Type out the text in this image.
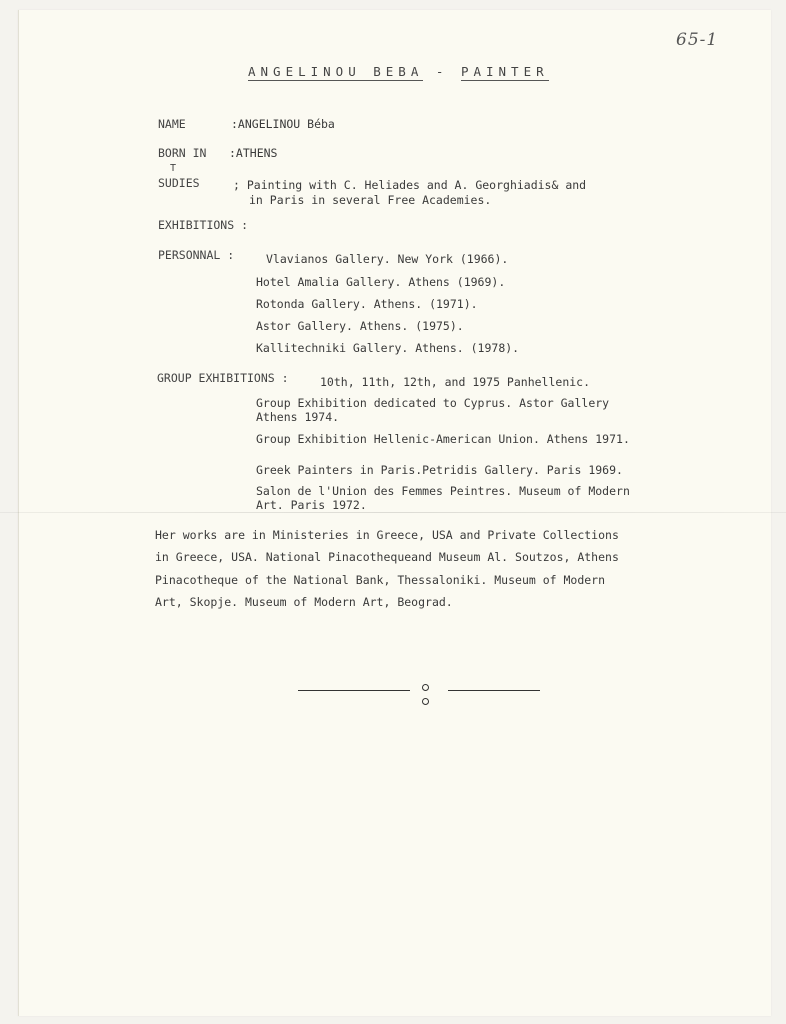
65-1
ANGELINOU BEBA - PAINTER
NAME	:ANGELINOU Béba
BORN IN :ATHENS
T
SUDIES	; Painting with C. Heliades and A. Georghiadis& and
in Paris in several Free Academies.
EXHIBITIONS :
PERSONNAL :	Vlavianos Gallery. New York (1966).
Hotel Amalia Gallery. Athens (1969).
Rotonda Gallery. Athens. (1971).
Astor Gallery. Athens. (1975).
Kallitechniki Gallery. Athens. (1978).
GROUP EXHIBITIONS :	10th, 11th, 12th, and 1975 Panhellenic.
Group Exhibition dedicated to Cyprus. Astor Gallery
Athens 1974.
Group Exhibition Hellenic-American Union. Athens 1971.
Greek Painters in Paris.Petridis Gallery. Paris 1969.
Salon de l'Union des Femmes Peintres. Museum of Modern
Art. Paris 1972.
Her works are in Ministeries in Greece, USA and Private Collections
in Greece, USA. National Pinacothequeand Museum Al. Soutzos, Athens
Pinacotheque of the National Bank, Thessaloniki. Museum of Modern
Art, Skopje. Museum of Modern Art, Beograd.
